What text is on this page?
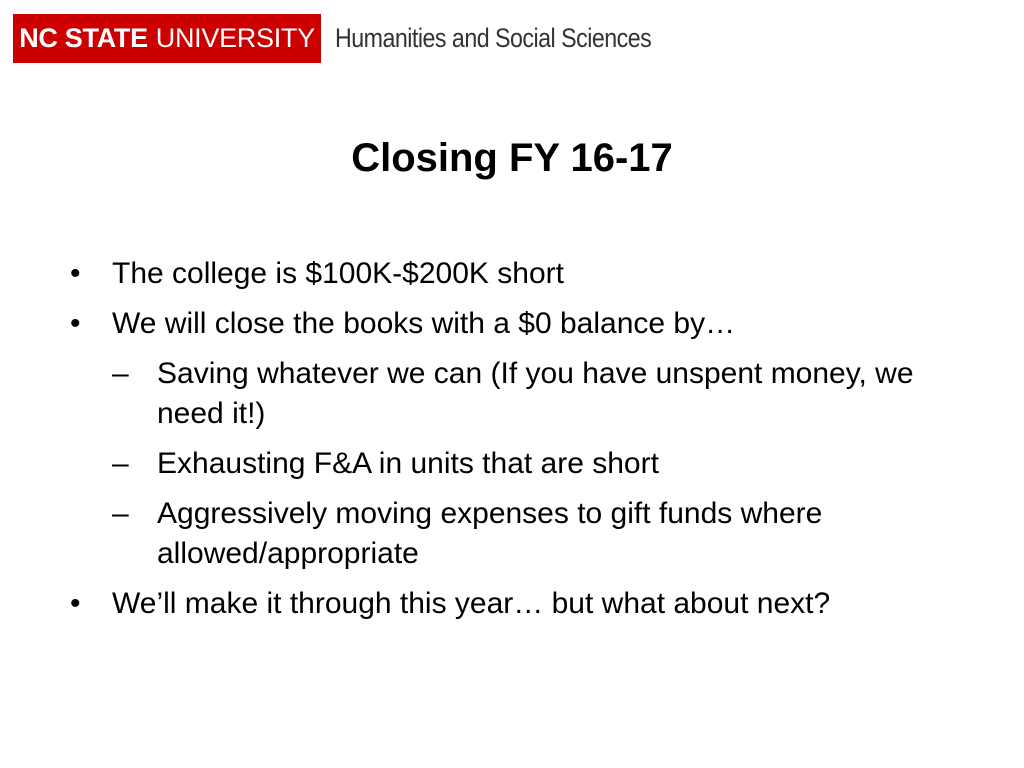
NC STATE UNIVERSITY Humanities and Social Sciences
Closing FY 16-17
• The college is $100K-$200K short
• We will close the books with a $0 balance by…
– Saving whatever we can (If you have unspent money, we need it!)
– Exhausting F&A in units that are short
– Aggressively moving expenses to gift funds where allowed/appropriate
• We’ll make it through this year… but what about next?
